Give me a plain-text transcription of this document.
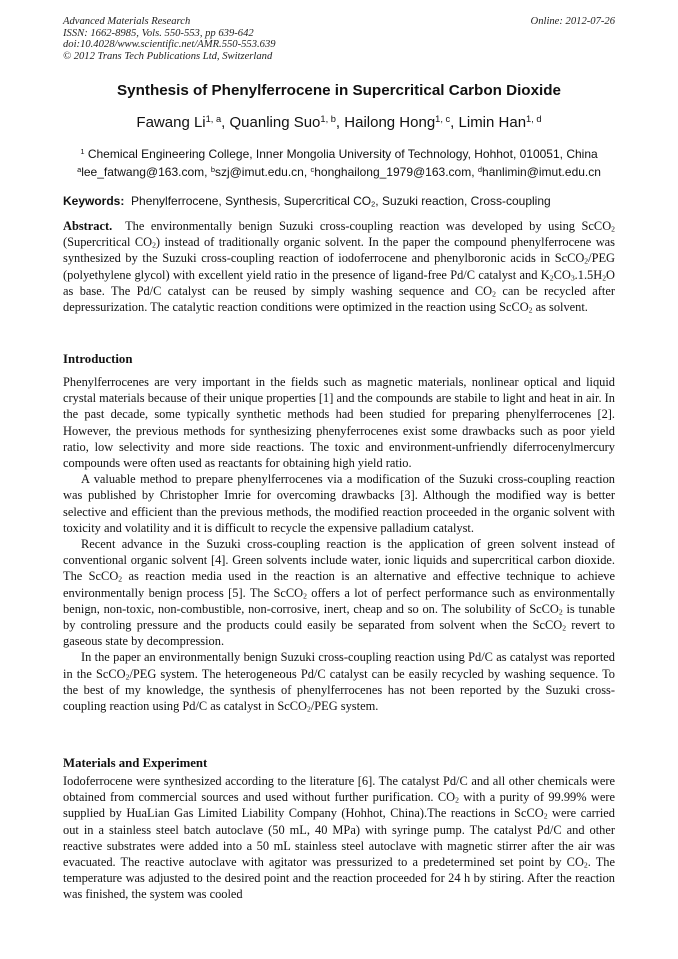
Advanced Materials Research
ISSN: 1662-8985, Vols. 550-553, pp 639-642
doi:10.4028/www.scientific.net/AMR.550-553.639
© 2012 Trans Tech Publications Ltd, Switzerland
Online: 2012-07-26
Synthesis of Phenylferrocene in Supercritical Carbon Dioxide
Fawang Li$^{1, a}$, Quanling Suo$^{1, b}$, Hailong Hong$^{1, c}$, Limin Han$^{1, d}$
$^1$ Chemical Engineering College, Inner Mongolia University of Technology, Hohhot, 010051, China
$^a$lee_fatwang@163.com, $^b$szj@imut.edu.cn, $^c$honghailong_1979@163.com, $^d$hanlimin@imut.edu.cn
Keywords: Phenylferrocene, Synthesis, Supercritical $CO_2$, Suzuki reaction, Cross-coupling
Abstract. The environmentally benign Suzuki cross-coupling reaction was developed by using ScCO$_2$ (Supercritical $CO_2$) instead of traditionally organic solvent. In the paper the compound phenylferrocene was synthesized by the Suzuki cross-coupling reaction of iodoferrocene and phenylboronic acids in ScCO$_2$/PEG (polyethylene glycol) with excellent yield ratio in the presence of ligand-free Pd/C catalyst and $K_2CO_3.1.5H_2O$ as base. The Pd/C catalyst can be reused by simply washing sequence and $CO_2$ can be recycled after depressurization. The catalytic reaction conditions were optimized in the reaction using ScCO$_2$ as solvent.
Introduction

Phenylferrocenes are very important in the fields such as magnetic materials, nonlinear optical and liquid crystal materials because of their unique properties [1] and the compounds are stabile to light and heat in air. In the past decade, some typically synthetic methods had been studied for preparing phenylferrocenes [2]. However, the previous methods for synthesizing phenyferrocenes exist some drawbacks such as poor yield ratio, low selectivity and more side reactions. The toxic and environment-unfriendly diferrocenylmercury compounds were often used as reactants for obtaining high yield ratio.

A valuable method to prepare phenylferrocenes via a modification of the Suzuki cross-coupling reaction was published by Christopher Imrie for overcoming drawbacks [3]. Although the modified way is better selective and efficient than the previous methods, the modified reaction proceeded in the organic solvent with toxicity and volatility and it is difficult to recycle the expensive palladium catalyst.

Recent advance in the Suzuki cross-coupling reaction is the application of green solvent instead of conventional organic solvent [4]. Green solvents include water, ionic liquids and supercritical carbon dioxide. The ScCO$_2$ as reaction media used in the reaction is an alternative and effective technique to achieve environmentally benign process [5]. The ScCO$_2$ offers a lot of perfect performance such as environmentally benign, non-toxic, non-combustible, non-corrosive, inert, cheap and so on. The solubility of ScCO$_2$ is tunable by controling pressure and the products could easily be separated from solvent when the ScCO$_2$ revert to gaseous state by decompression.

In the paper an environmentally benign Suzuki cross-coupling reaction using Pd/C as catalyst was reported in the ScCO$_2$/PEG system. The heterogeneous Pd/C catalyst can be easily recycled by washing sequence. To the best of my knowledge, the synthesis of phenylferrocenes has not been reported by the Suzuki cross-coupling reaction using Pd/C as catalyst in ScCO$_2$/PEG system.

Materials and Experiment

Iodoferrocene were synthesized according to the literature [6]. The catalyst Pd/C and all other chemicals were obtained from commercial sources and used without further purification. $CO_2$ with a purity of 99.99% were supplied by HuaLian Gas Limited Liability Company (Hohhot, China).The reactions in ScCO$_2$ were carried out in a stainless steel batch autoclave (50 mL, 40 MPa) with syringe pump. The catalyst Pd/C and other reactive substrates were added into a 50 mL stainless steel autoclave with magnetic stirrer after the air was evacuated. The reactive autoclave with agitator was pressurized to a predetermined set point by $CO_2$. The temperature was adjusted to the desired point and the reaction proceeded for 24 h by stiring. After the reaction was finished, the system was cooled
